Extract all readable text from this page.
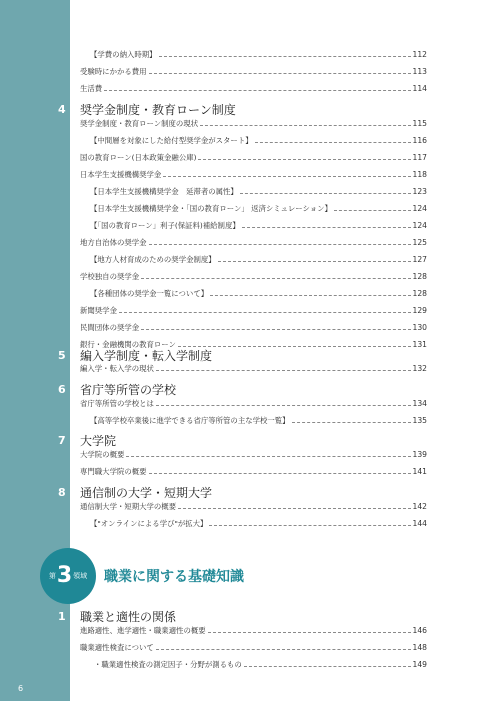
6
【学費の納入時期】	112
受験時にかかる費用	113
生活費	114
4	奨学金制度・教育ローン制度
奨学金制度・教育ローン制度の現状	115
【中間層を対象にした給付型奨学金がスタート】	116
国の教育ローン(日本政策金融公庫)	117
日本学生支援機構奨学金	118
【日本学生支援機構奨学金　延滞者の属性】	123
【日本学生支援機構奨学金・「国の教育ローン」 返済シミュレーション】	124
【「国の教育ローン」利子(保証料)補給制度】	124
地方自治体の奨学金	125
【地方人材育成のための奨学金制度】	127
学校独自の奨学金	128
【各種団体の奨学金一覧について】	128
新聞奨学金	129
民間団体の奨学金	130
銀行・金融機関の教育ローン	131
5	編入学制度・転入学制度
編入学・転入学の現状	132
6	省庁等所管の学校
省庁等所管の学校とは	134
【高等学校卒業後に進学できる省庁等所管の主な学校一覧】	135
7	大学院
大学院の概要	139
専門職大学院の概要	141
8	通信制の大学・短期大学
通信制大学・短期大学の概要	142
【"オンラインによる学び"が拡大】	144
1	職業と適性の関係
進路適性、進学適性・職業適性の概要	146
職業適性検査について	148
・職業適性検査の測定因子・分野が測るもの	149
第 3 領域 職業に関する基礎知識
